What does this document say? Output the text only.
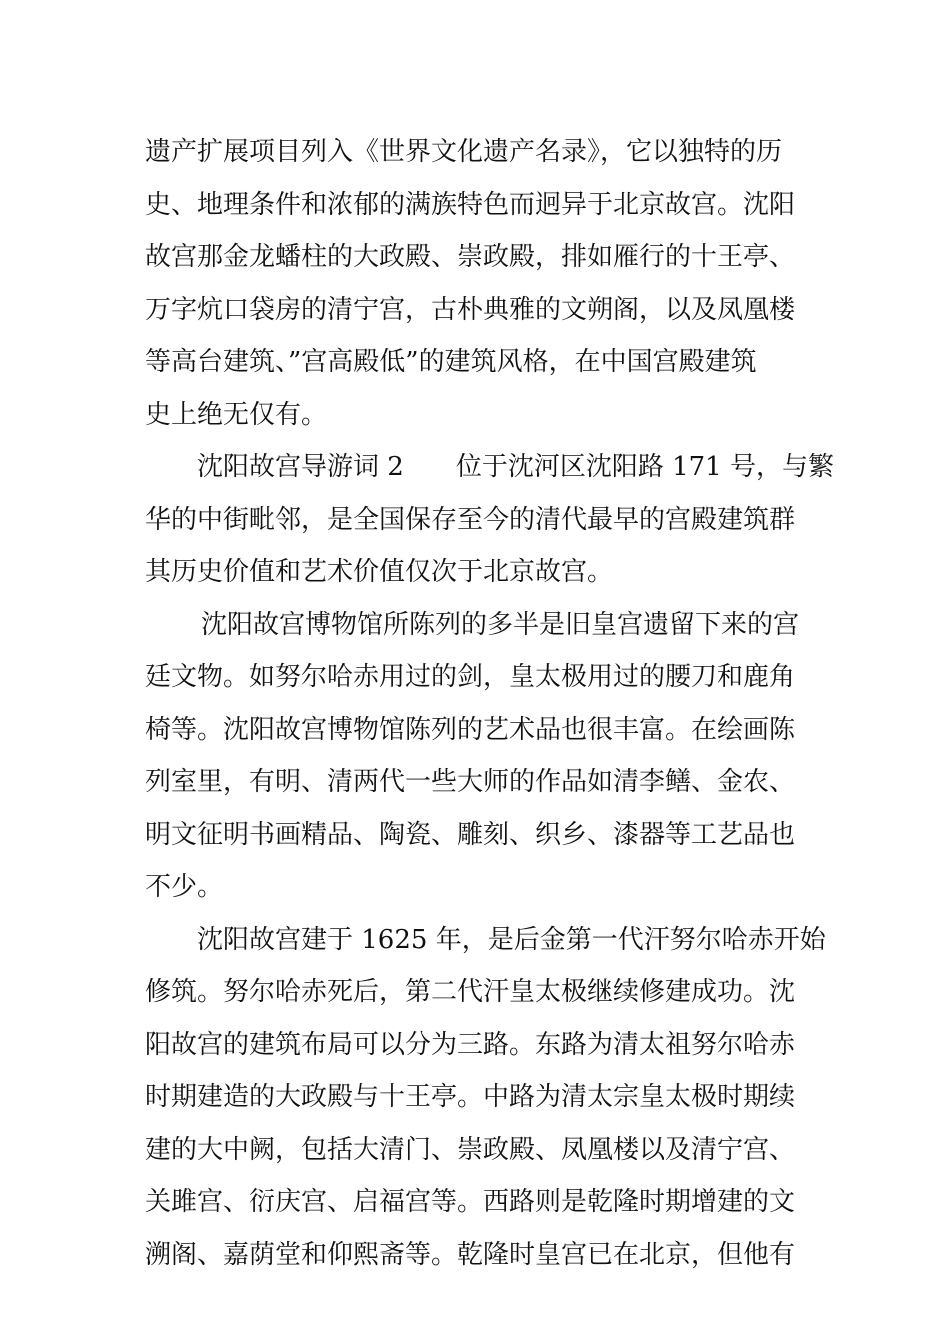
遗产扩展项目列入《世界文化遗产名录》，它以独特的历
史、地理条件和浓郁的满族特色而迥异于北京故宫。沈阳
故宫那金龙蟠柱的大政殿、崇政殿，排如雁行的十王亭、
万字炕口袋房的清宁宫，古朴典雅的文朔阁，以及凤凰楼
等高台建筑、”宫高殿低”的建筑风格，在中国宫殿建筑
史上绝无仅有。
沈阳故宫导游词 2 位于沈河区沈阳路 171 号，与繁
华的中街毗邻，是全国保存至今的清代最早的宫殿建筑群
其历史价值和艺术价值仅次于北京故宫。
沈阳故宫博物馆所陈列的多半是旧皇宫遗留下来的宫
廷文物。如努尔哈赤用过的剑，皇太极用过的腰刀和鹿角
椅等。沈阳故宫博物馆陈列的艺术品也很丰富。在绘画陈
列室里，有明、清两代一些大师的作品如清李鳝、金农、
明文征明书画精品、陶瓷、雕刻、织乡、漆器等工艺品也
不少。
沈阳故宫建于 1625 年，是后金第一代汗努尔哈赤开始
修筑。努尔哈赤死后，第二代汗皇太极继续修建成功。沈
阳故宫的建筑布局可以分为三路。东路为清太祖努尔哈赤
时期建造的大政殿与十王亭。中路为清太宗皇太极时期续
建的大中阙，包括大清门、崇政殿、凤凰楼以及清宁宫、
关雎宫、衍庆宫、启福宫等。西路则是乾隆时期增建的文
溯阁、嘉荫堂和仰熙斋等。乾隆时皇宫已在北京，但他有
